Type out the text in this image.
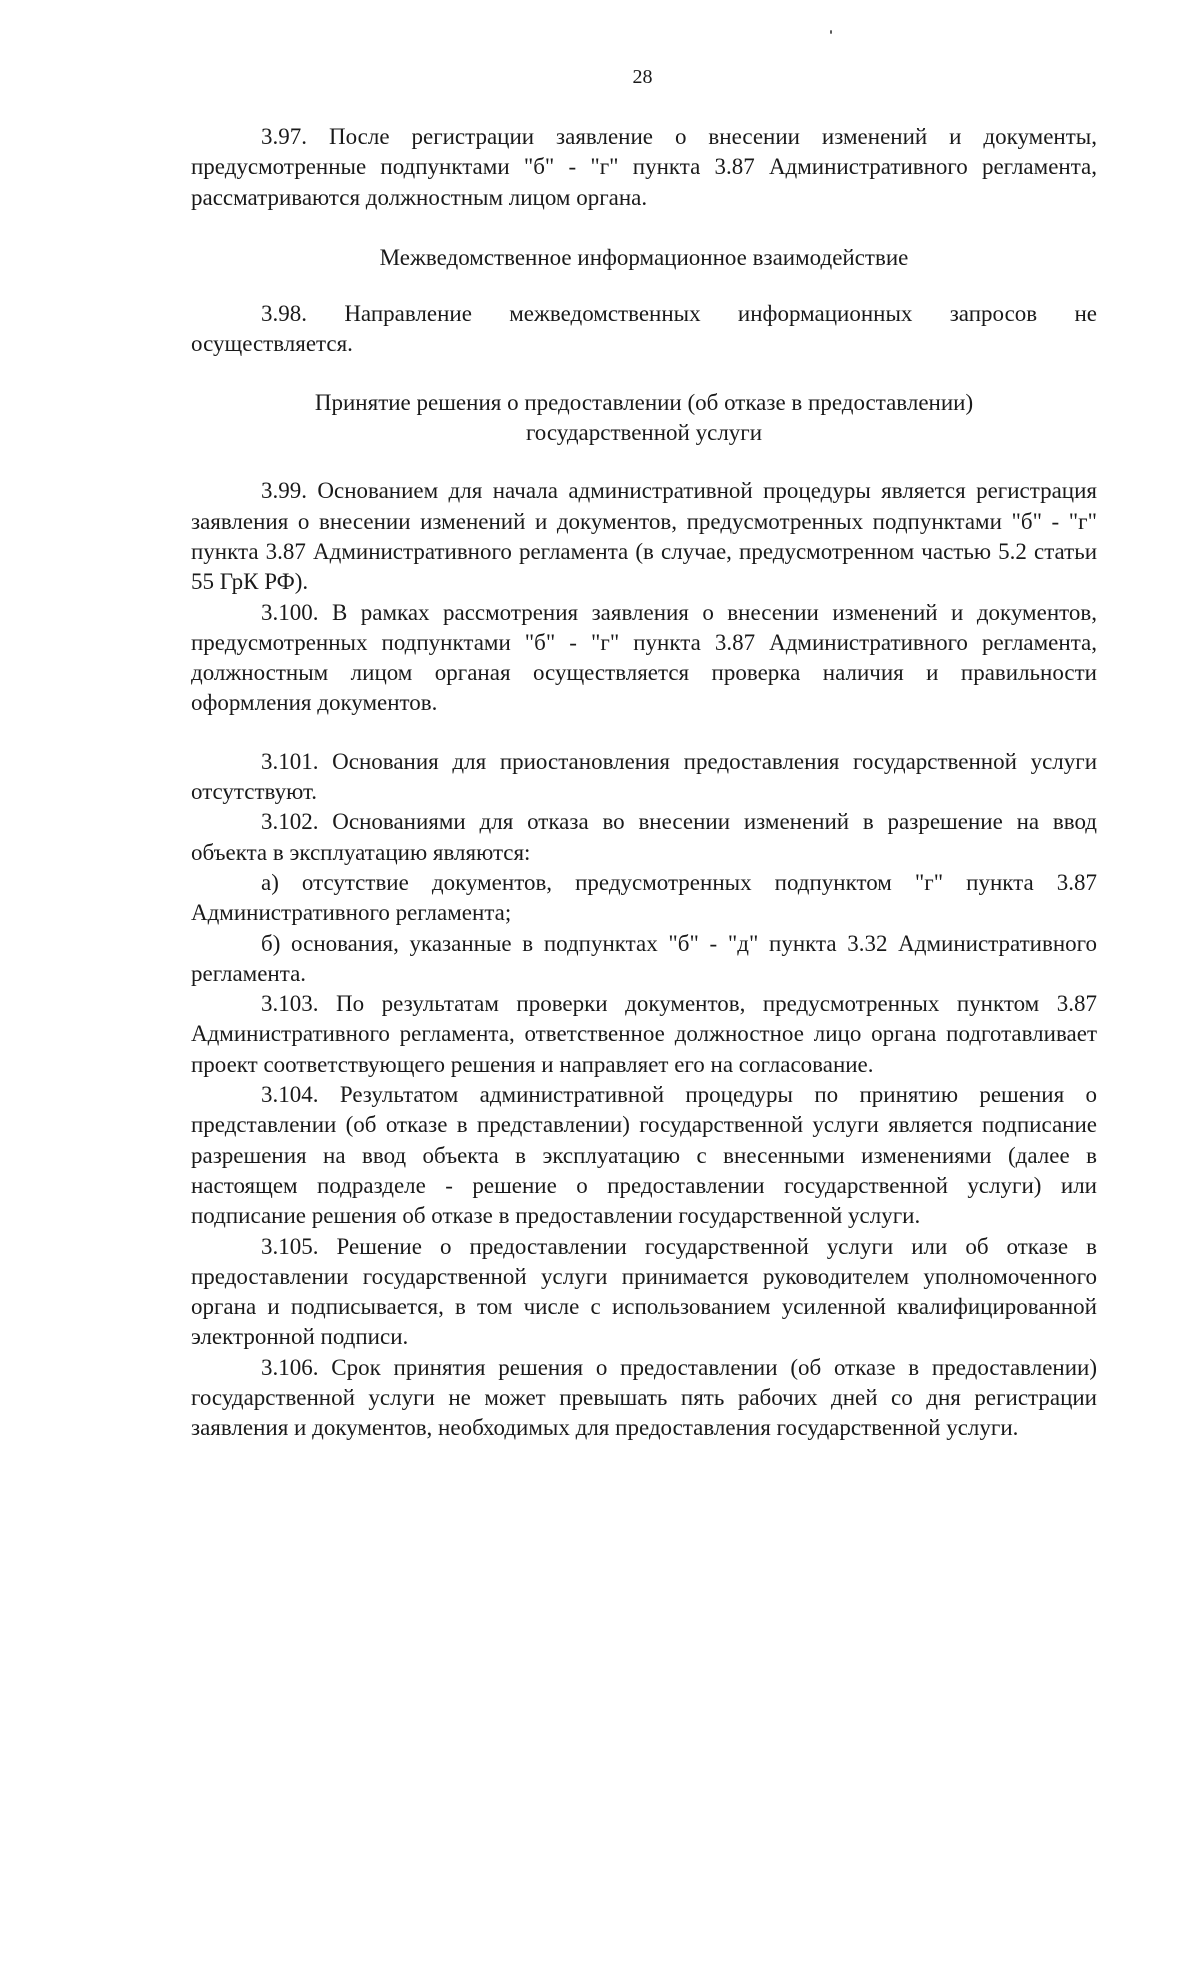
28

3.97. После регистрации заявление о внесении изменений и документы, предусмотренные подпунктами "б" - "г" пункта 3.87 Административного регламента, рассматриваются должностным лицом органа.

Межведомственное информационное взаимодействие

3.98. Направление межведомственных информационных запросов не осуществляется.

Принятие решения о предоставлении (об отказе в предоставлении)

государственной услуги

3.99. Основанием для начала административной процедуры является регистрация заявления о внесении изменений и документов, предусмотренных подпунктами "б" - "г" пункта 3.87 Административного регламента (в случае, предусмотренном частью 5.2 статьи 55 ГрК РФ).

3.100. В рамках рассмотрения заявления о внесении изменений и документов, предусмотренных подпунктами "б" - "г" пункта 3.87 Административного регламента, должностным лицом органая осуществляется проверка наличия и правильности оформления документов.

3.101. Основания для приостановления предоставления государственной услуги отсутствуют.

3.102. Основаниями для отказа во внесении изменений в разрешение на ввод объекта в эксплуатацию являются:

а) отсутствие документов, предусмотренных подпунктом "г" пункта 3.87 Административного регламента;

б) основания, указанные в подпунктах "б" - "д" пункта 3.32 Административного регламента.

3.103. По результатам проверки документов, предусмотренных пунктом 3.87 Административного регламента, ответственное должностное лицо органа подготавливает проект соответствующего решения и направляет его на согласование.

3.104. Результатом административной процедуры по принятию решения о представлении (об отказе в представлении) государственной услуги является подписание разрешения на ввод объекта в эксплуатацию с внесенными изменениями (далее в настоящем подразделе - решение о предоставлении государственной услуги) или подписание решения об отказе в предоставлении государственной услуги.

3.105. Решение о предоставлении государственной услуги или об отказе в предоставлении государственной услуги принимается руководителем уполномоченного органа и подписывается, в том числе с использованием усиленной квалифицированной электронной подписи.

3.106. Срок принятия решения о предоставлении (об отказе в предоставлении) государственной услуги не может превышать пять рабочих дней со дня регистрации заявления и документов, необходимых для предоставления государственной услуги.
